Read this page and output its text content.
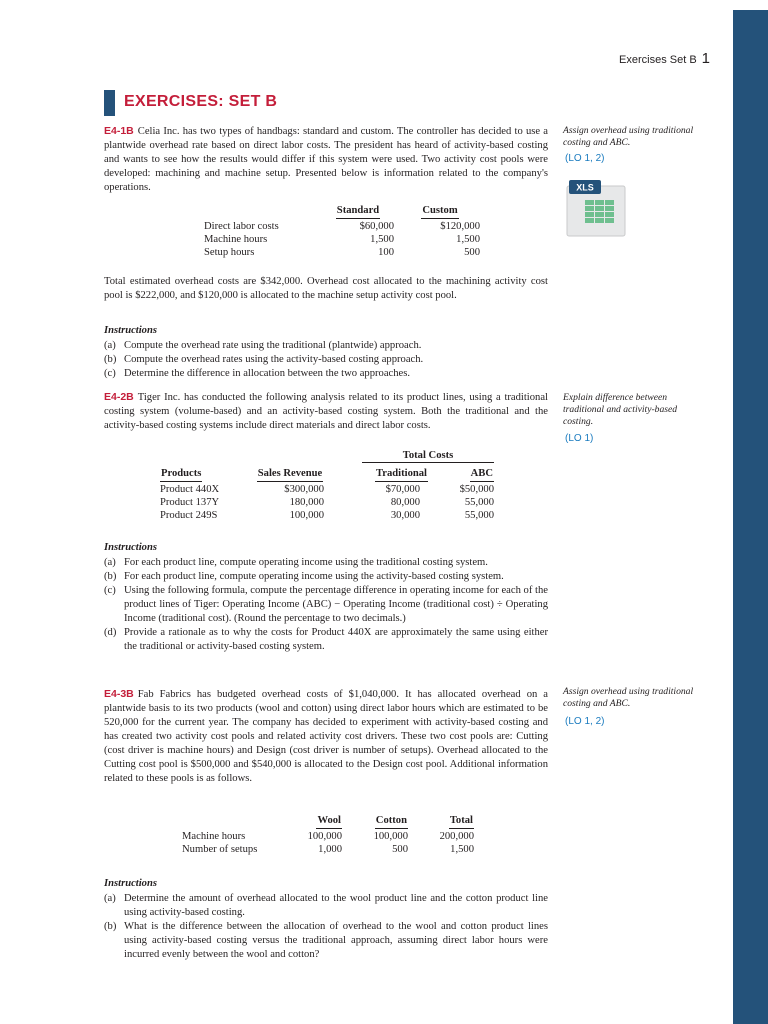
Exercises Set B 1
EXERCISES: SET B

E4-1B Celia Inc. has two types of handbags: standard and custom. The controller has decided to use a plantwide overhead rate based on direct labor costs. The president has heard of activity-based costing and wants to see how the results would differ if this system were used. Two activity cost pools were developed: machining and machine setup. Presented below is information related to the company's operations.

	Standard	Custom
Direct labor costs	$60,000	$120,000
Machine hours	1,500	1,500
Setup hours	100	500

Total estimated overhead costs are $342,000. Overhead cost allocated to the machining activity cost pool is $222,000, and $120,000 is allocated to the machine setup activity cost pool.

Instructions
(a) Compute the overhead rate using the traditional (plantwide) approach.
(b) Compute the overhead rates using the activity-based costing approach.
(c) Determine the difference in allocation between the two approaches.
Assign overhead using traditional costing and ABC.
(LO 1, 2)
XLS

E4-2B Tiger Inc. has conducted the following analysis related to its product lines, using a traditional costing system (volume-based) and an activity-based costing system. Both the traditional and the activity-based costing systems include direct materials and direct labor costs.

Total Costs
Products	Sales Revenue	Traditional	ABC
Product 440X	$300,000	$70,000	$50,000
Product 137Y	180,000	80,000	55,000
Product 249S	100,000	30,000	55,000
Instructions
(a) For each product line, compute operating income using the traditional costing system.
(b) For each product line, compute operating income using the activity-based costing system.
(c) Using the following formula, compute the percentage difference in operating income for each of the product lines of Tiger: Operating Income (ABC) − Operating Income (traditional cost) ÷ Operating Income (traditional cost). (Round the percentage to two decimals.)
(d) Provide a rationale as to why the costs for Product 440X are approximately the same using either the traditional or activity-based costing system.
Explain difference between traditional and activity-based costing.
(LO 1)

E4-3B Fab Fabrics has budgeted overhead costs of $1,040,000. It has allocated overhead on a plantwide basis to its two products (wool and cotton) using direct labor hours which are estimated to be 520,000 for the current year. The company has decided to experiment with activity-based costing and has created two activity cost pools and related activity cost drivers. These two cost pools are: Cutting (cost driver is machine hours) and Design (cost driver is number of setups). Overhead allocated to the Cutting cost pool is $500,000 and $540,000 is allocated to the Design cost pool. Additional information related to these pools is as follows.

	Wool	Cotton	Total
Machine hours	100,000	100,000	200,000
Number of setups	1,000	500	1,500
Instructions
(a) Determine the amount of overhead allocated to the wool product line and the cotton product line using activity-based costing.
(b) What is the difference between the allocation of overhead to the wool and cotton product lines using activity-based costing versus the traditional approach, assuming direct labor hours were incurred evenly between the wool and cotton?
Assign overhead using traditional costing and ABC.
(LO 1, 2)
